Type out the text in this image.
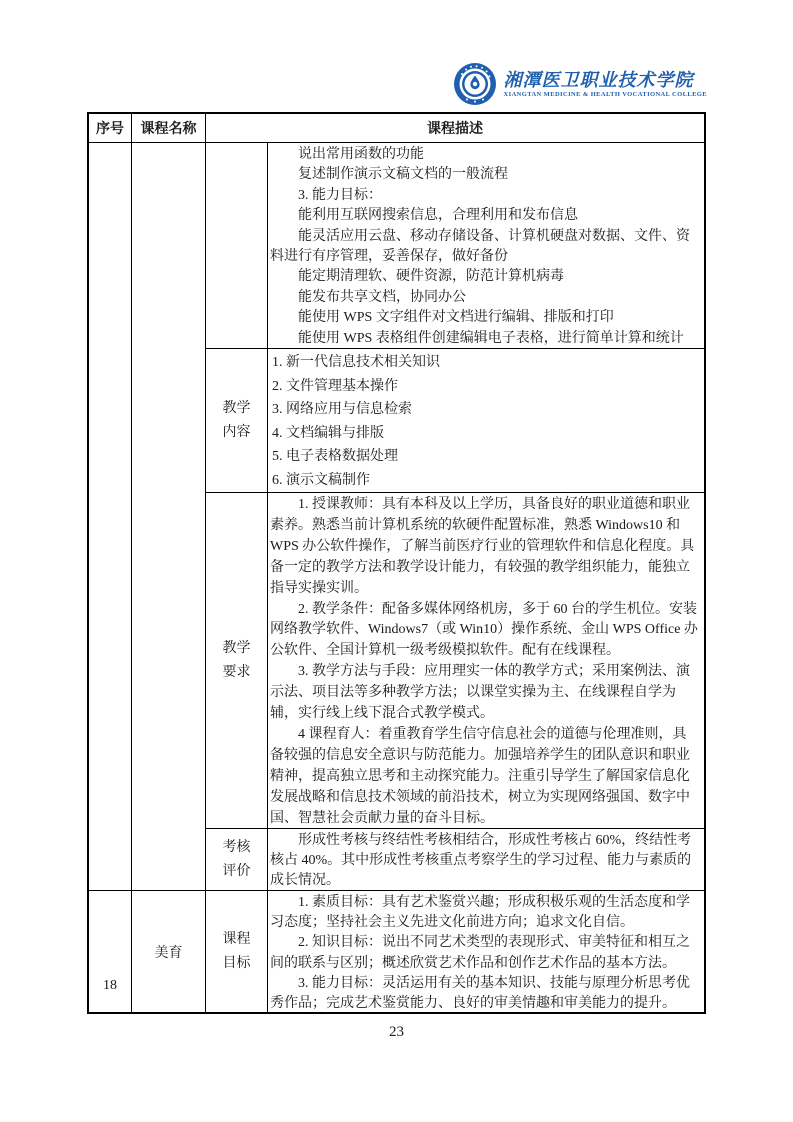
湘潭医卫职业技术学院
XIANGTAN MEDICINE & HEALTH VOCATIONAL COLLEGE
序号	课程名称	课程描述

说出常用函数的功能

复述制作演示文稿文档的一般流程

3. 能力目标：

能利用互联网搜索信息，合理利用和发布信息

能灵活应用云盘、移动存储设备、计算机硬盘对数据、文件、资料进行有序管理，妥善保存，做好备份

能定期清理软、硬件资源，防范计算机病毒

能发布共享文档，协同办公

能使用 WPS 文字组件对文档进行编辑、排版和打印

能使用 WPS 表格组件创建编辑电子表格，进行简单计算和统计

教学内容

1. 新一代信息技术相关知识

2. 文件管理基本操作

3. 网络应用与信息检索

4. 文档编辑与排版

5. 电子表格数据处理

6. 演示文稿制作

教学要求

1. 授课教师：具有本科及以上学历，具备良好的职业道德和职业素养。熟悉当前计算机系统的软硬件配置标准，熟悉 Windows10 和 WPS 办公软件操作，了解当前医疗行业的管理软件和信息化程度。具备一定的教学方法和教学设计能力，有较强的教学组织能力，能独立指导实操实训。

2. 教学条件：配备多媒体网络机房，多于 60 台的学生机位。安装网络教学软件、Windows7（或 Win10）操作系统、金山 WPS Office 办公软件、全国计算机一级考级模拟软件。配有在线课程。

3. 教学方法与手段：应用理实一体的教学方式；采用案例法、演示法、项目法等多种教学方法；以课堂实操为主、在线课程自学为辅，实行线上线下混合式教学模式。

4 课程育人：着重教育学生信守信息社会的道德与伦理准则，具备较强的信息安全意识与防范能力。加强培养学生的团队意识和职业精神，提高独立思考和主动探究能力。注重引导学生了解国家信息化发展战略和信息技术领域的前沿技术，树立为实现网络强国、数字中国、智慧社会贡献力量的奋斗目标。

考核评价

形成性考核与终结性考核相结合，形成性考核占 60%，终结性考核占 40%。其中形成性考核重点考察学生的学习过程、能力与素质的成长情况。

18
美育
课程目标

1. 素质目标：具有艺术鉴赏兴趣；形成积极乐观的生活态度和学习态度；坚持社会主义先进文化前进方向；追求文化自信。

2. 知识目标：说出不同艺术类型的表现形式、审美特征和相互之间的联系与区别；概述欣赏艺术作品和创作艺术作品的基本方法。

3. 能力目标：灵活运用有关的基本知识、技能与原理分析思考优秀作品；完成艺术鉴赏能力、良好的审美情趣和审美能力的提升。

23
